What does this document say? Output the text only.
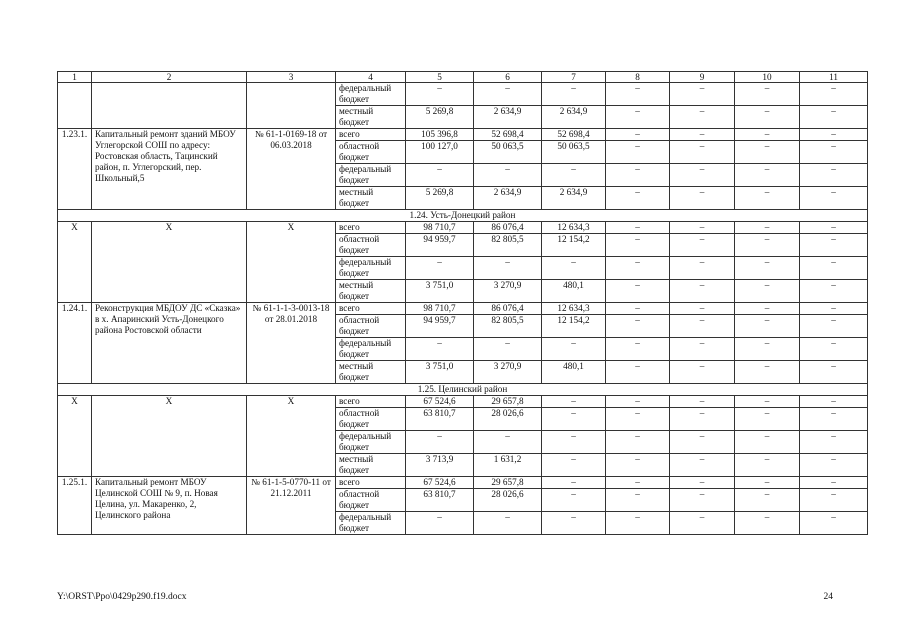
1	2	3	4	5	6	7	8	9	10	11
			федеральный бюджет	–	–	–	–	–	–	–
			местный бюджет	5 269,8	2 634,9	2 634,9	–	–	–	–
1.23.1.	Капитальный ремонт зданий МБОУ Углегорской СОШ по адресу: Ростовская область, Тацинский район, п. Углегорский, пер. Школьный,5	№ 61-1-0169-18 от 06.03.2018	всего	105 396,8	52 698,4	52 698,4	–	–	–	–
			областной бюджет	100 127,0	50 063,5	50 063,5	–	–	–	–
			федеральный бюджет	–	–	–	–	–	–	–
			местный бюджет	5 269,8	2 634,9	2 634,9	–	–	–	–
1.24. Усть-Донецкий район										
X	X	X	всего	98 710,7	86 076,4	12 634,3	–	–	–	–
			областной бюджет	94 959,7	82 805,5	12 154,2	–	–	–	–
			федеральный бюджет	–	–	–	–	–	–	–
			местный бюджет	3 751,0	3 270,9	480,1	–	–	–	–
1.24.1.	Реконструкция МБДОУ ДС «Сказка» в х. Апаринский Усть-Донецкого района Ростовской области	№ 61-1-1-3-0013-18 от 28.01.2018	всего	98 710,7	86 076,4	12 634,3	–	–	–	–
			областной бюджет	94 959,7	82 805,5	12 154,2	–	–	–	–
			федеральный бюджет	–	–	–	–	–	–	–
			местный бюджет	3 751,0	3 270,9	480,1	–	–	–	–
1.25. Целинский район										
X	X	X	всего	67 524,6	29 657,8	–	–	–	–	–
			областной бюджет	63 810,7	28 026,6	–	–	–	–	–
			федеральный бюджет	–	–	–	–	–	–	–
			местный бюджет	3 713,9	1 631,2	–	–	–	–	–
1.25.1.	Капитальный ремонт МБОУ Целинской СОШ № 9, п. Новая Целина, ул. Макаренко, 2, Целинского района	№ 61-1-5-0770-11 от 21.12.2011	всего	67 524,6	29 657,8	–	–	–	–	–
			областной бюджет	63 810,7	28 026,6	–	–	–	–	–
			федеральный бюджет	–	–	–	–	–	–	–
Y:\ORST\Ppo\0429p290.f19.docx	24
